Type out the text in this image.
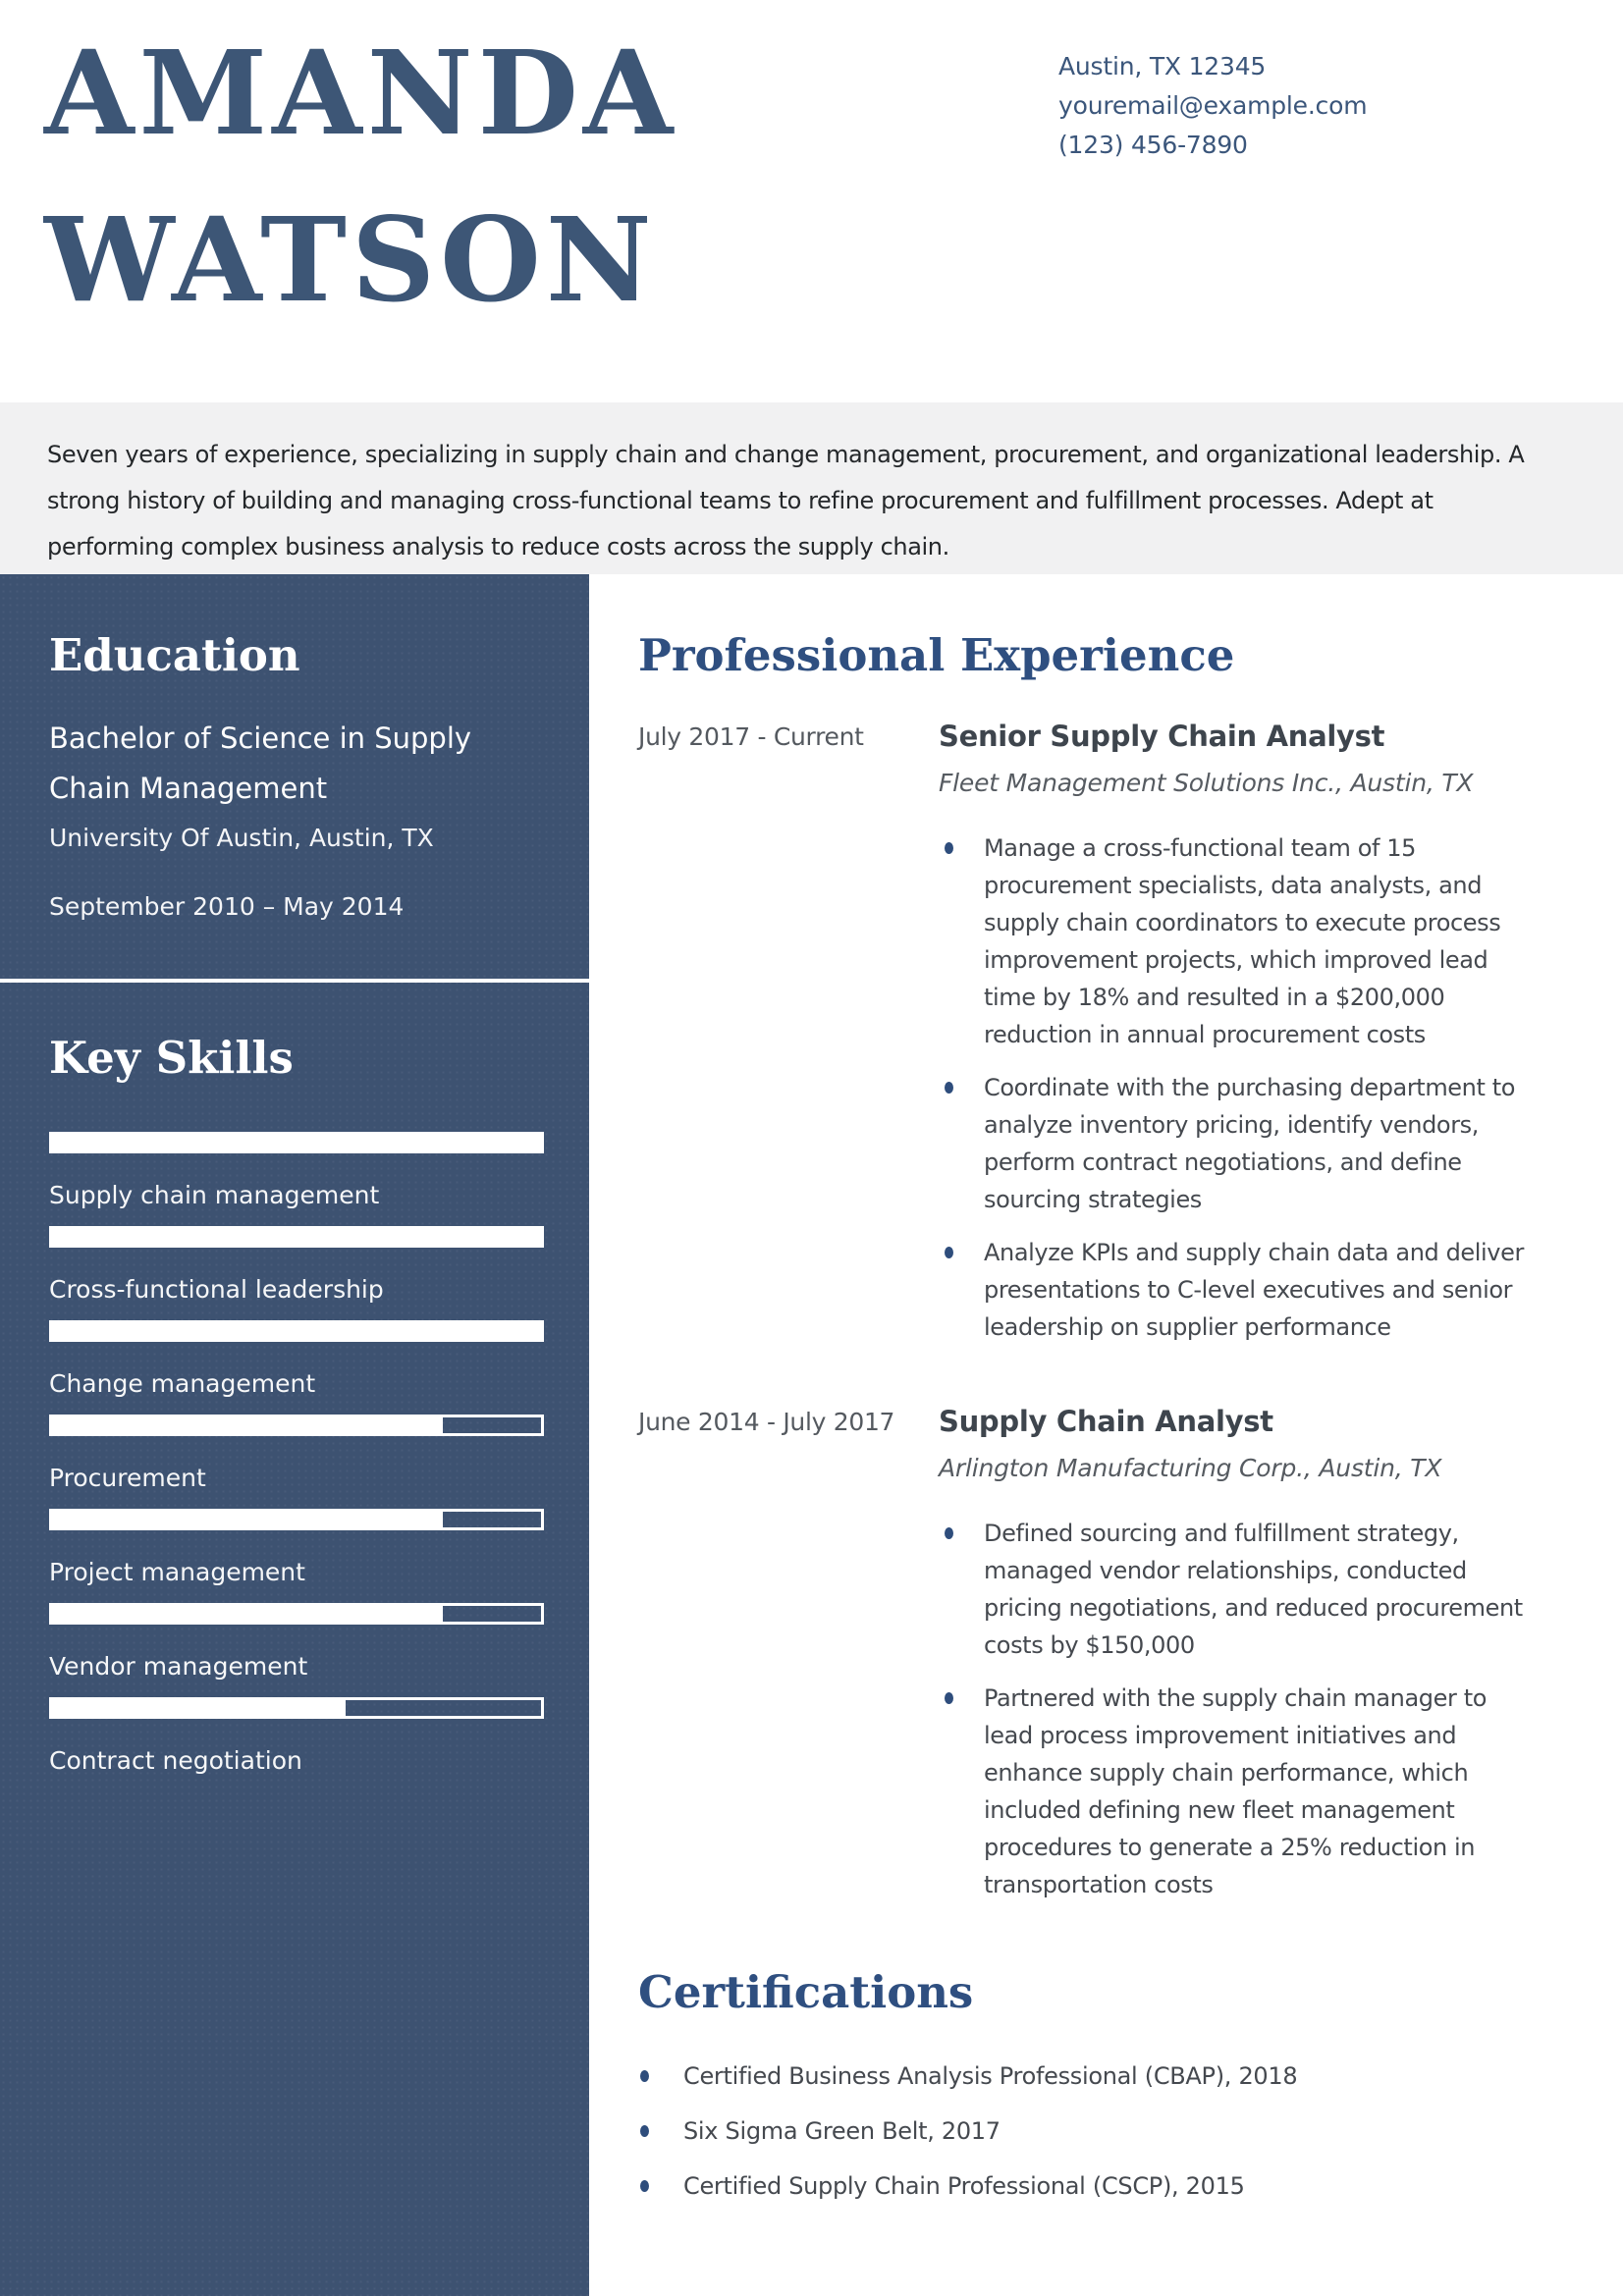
AMANDA
WATSON
Austin, TX 12345
youremail@example.com
(123) 456-7890

Seven years of experience, specializing in supply chain and change management, procurement, and organizational leadership. A strong history of building and managing cross-functional teams to refine procurement and fulfillment processes. Adept at performing complex business analysis to reduce costs across the supply chain.

Education

Bachelor of Science in Supply Chain Management

University Of Austin, Austin, TX

September 2010 – May 2014

Key Skills
Supply chain management
Cross-functional leadership
Change management
Procurement
Project management
Vendor management
Contract negotiation
Professional Experience
July 2017 - Current	Senior Supply Chain Analyst

Fleet Management Solutions Inc., Austin, TX

Manage a cross-functional team of 15 procurement specialists, data analysts, and supply chain coordinators to execute process improvement projects, which improved lead time by 18% and resulted in a $200,000 reduction in annual procurement costs
Coordinate with the purchasing department to analyze inventory pricing, identify vendors, perform contract negotiations, and define sourcing strategies
Analyze KPIs and supply chain data and deliver presentations to C-level executives and senior leadership on supplier performance
June 2014 - July 2017	Supply Chain Analyst

Arlington Manufacturing Corp., Austin, TX

Defined sourcing and fulfillment strategy, managed vendor relationships, conducted pricing negotiations, and reduced procurement costs by $150,000
Partnered with the supply chain manager to lead process improvement initiatives and enhance supply chain performance, which included defining new fleet management procedures to generate a 25% reduction in transportation costs
Certifications
Certified Business Analysis Professional (CBAP), 2018
Six Sigma Green Belt, 2017
Certified Supply Chain Professional (CSCP), 2015
